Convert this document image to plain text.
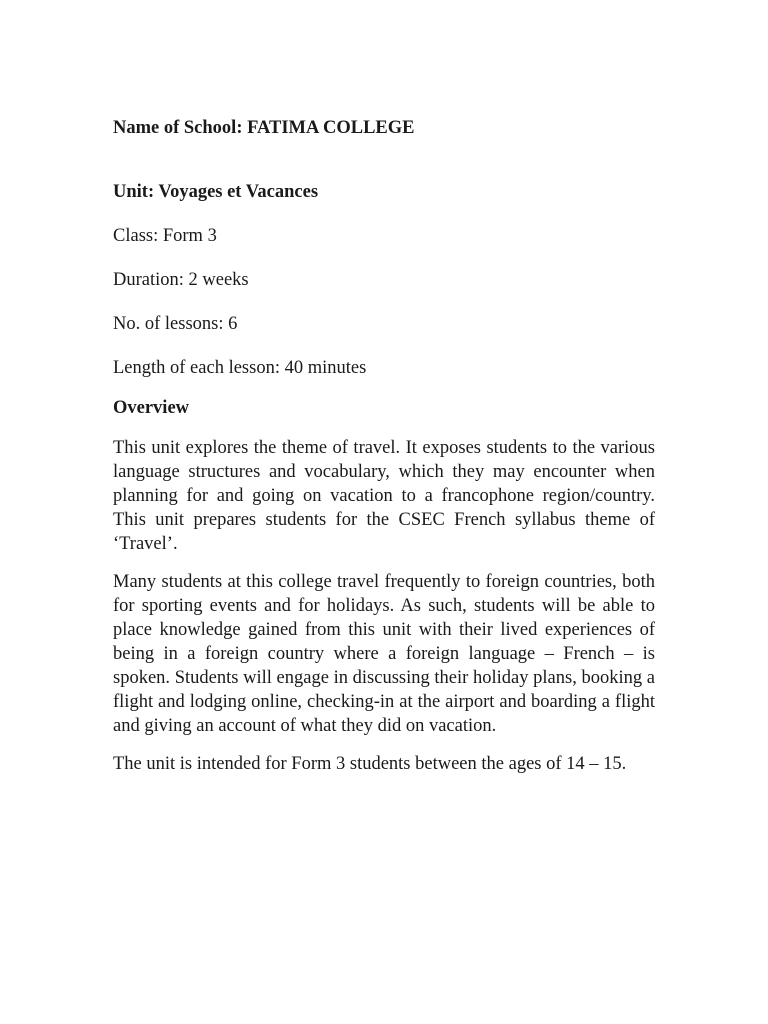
Name of School: FATIMA COLLEGE

Unit: Voyages et Vacances

Class: Form 3

Duration: 2 weeks

No. of lessons: 6

Length of each lesson: 40 minutes

Overview

This unit explores the theme of travel. It exposes students to the various language structures and vocabulary, which they may encounter when planning for and going on vacation to a francophone region/country. This unit prepares students for the CSEC French syllabus theme of ‘Travel’.

Many students at this college travel frequently to foreign countries, both for sporting events and for holidays. As such, students will be able to place knowledge gained from this unit with their lived experiences of being in a foreign country where a foreign language – French – is spoken. Students will engage in discussing their holiday plans, booking a flight and lodging online, checking-in at the airport and boarding a flight and giving an account of what they did on vacation.

The unit is intended for Form 3 students between the ages of 14 – 15.
